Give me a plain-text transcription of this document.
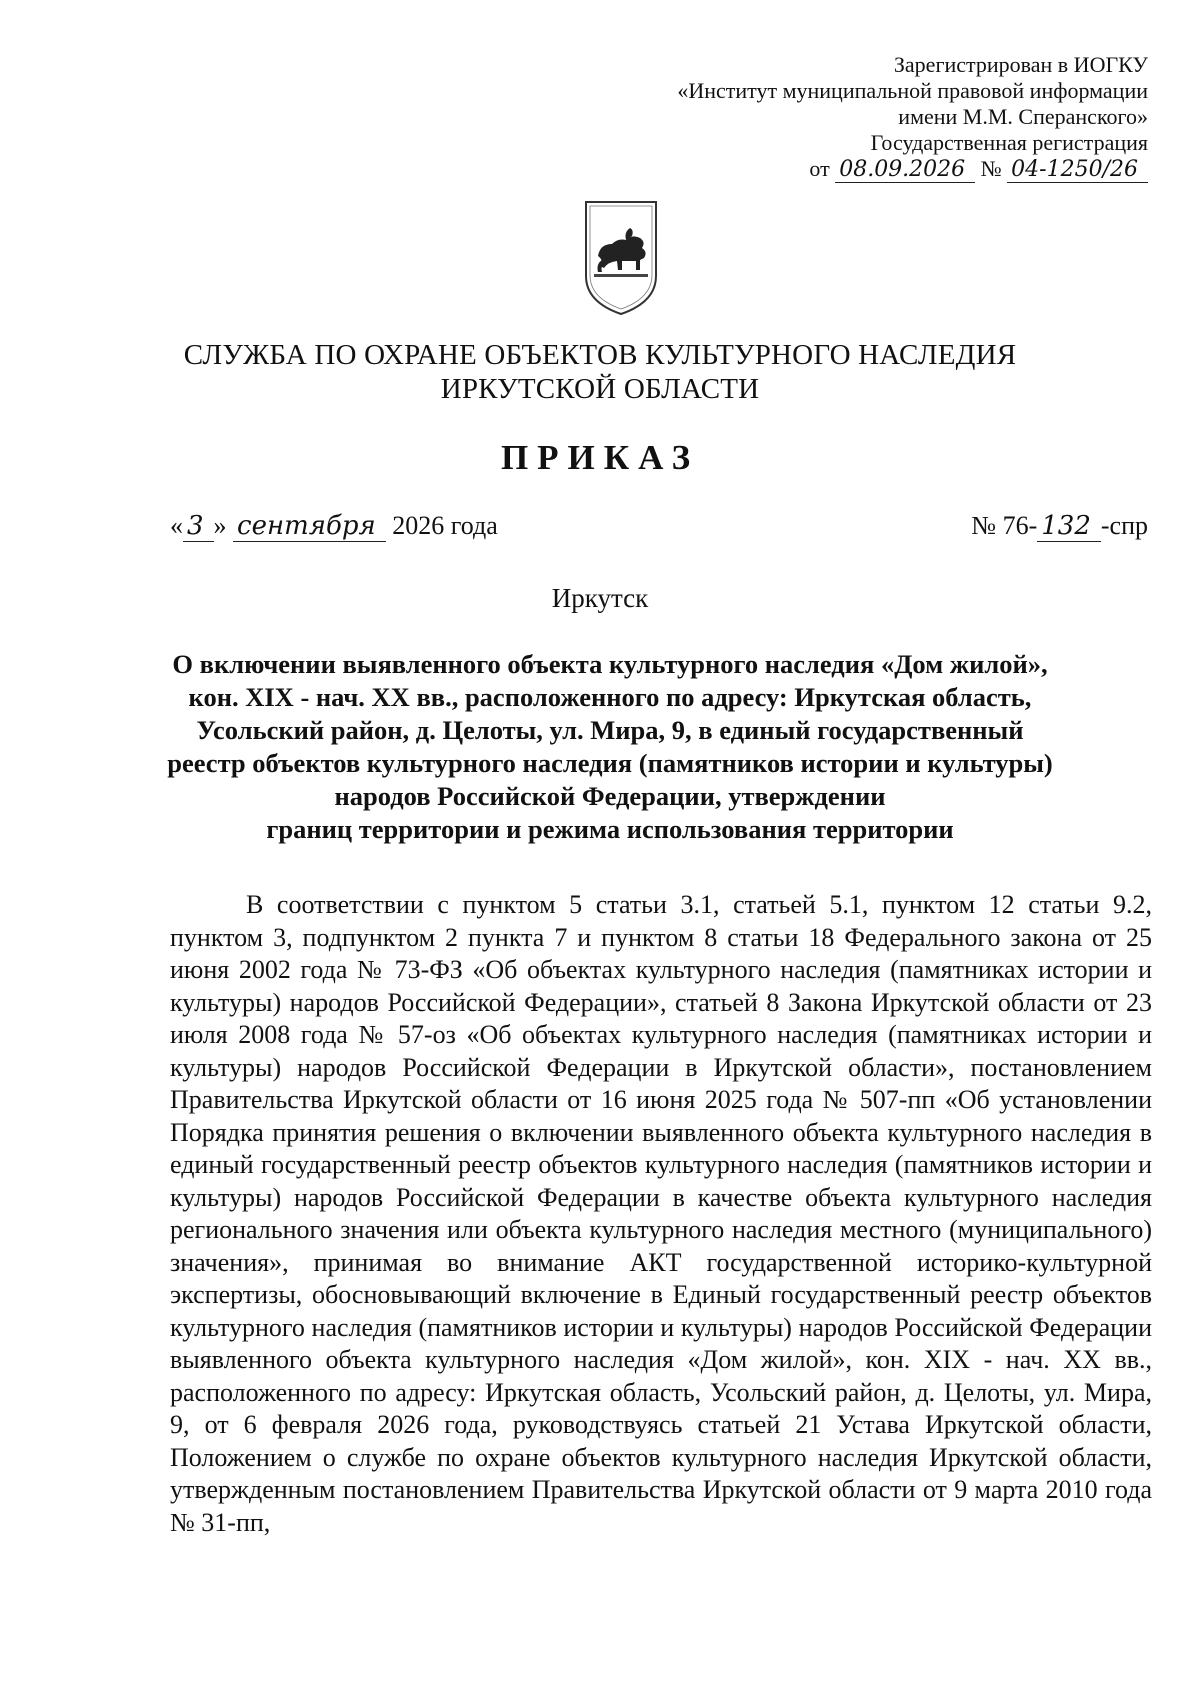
Зарегистрирован в ИОГКУ
«Институт муниципальной правовой информации
имени М.М. Сперанского»
Государственная регистрация
от 08.09.2026 № 04-1250/26
СЛУЖБА ПО ОХРАНЕ ОБЪЕКТОВ КУЛЬТУРНОГО НАСЛЕДИЯ
ИРКУТСКОЙ ОБЛАСТИ
ПРИКАЗ
« 3 » сентября 2026 года	№ 76- 132 -спр
Иркутск
О включении выявленного объекта культурного наследия «Дом жилой»,
кон. XIX - нач. XX вв., расположенного по адресу: Иркутская область,
Усольский район, д. Целоты, ул. Мира, 9, в единый государственный
реестр объектов культурного наследия (памятников истории и культуры)
народов Российской Федерации, утверждении
границ территории и режима использования территории

В соответствии с пунктом 5 статьи 3.1, статьей 5.1, пунктом 12 статьи 9.2, пунктом 3, подпунктом 2 пункта 7 и пунктом 8 статьи 18 Федерального закона от 25 июня 2002 года № 73-ФЗ «Об объектах культурного наследия (памятниках истории и культуры) народов Российской Федерации», статьей 8 Закона Иркутской области от 23 июля 2008 года № 57-оз «Об объектах культурного наследия (памятниках истории и культуры) народов Российской Федерации в Иркутской области», постановлением Правительства Иркутской области от 16 июня 2025 года № 507-пп «Об установлении Порядка принятия решения о включении выявленного объекта культурного наследия в единый государственный реестр объектов культурного наследия (памятников истории и культуры) народов Российской Федерации в качестве объекта культурного наследия регионального значения или объекта культурного наследия местного (муниципального) значения», принимая во внимание АКТ государственной историко-культурной экспертизы, обосновывающий включение в Единый государственный реестр объектов культурного наследия (памятников истории и культуры) народов Российской Федерации выявленного объекта культурного наследия «Дом жилой», кон. XIX - нач. XX вв., расположенного по адресу: Иркутская область, Усольский район, д. Целоты, ул. Мира, 9, от 6 февраля 2026 года, руководствуясь статьей 21 Устава Иркутской области, Положением о службе по охране объектов культурного наследия Иркутской области, утвержденным постановлением Правительства Иркутской области от 9 марта 2010 года № 31-пп,
